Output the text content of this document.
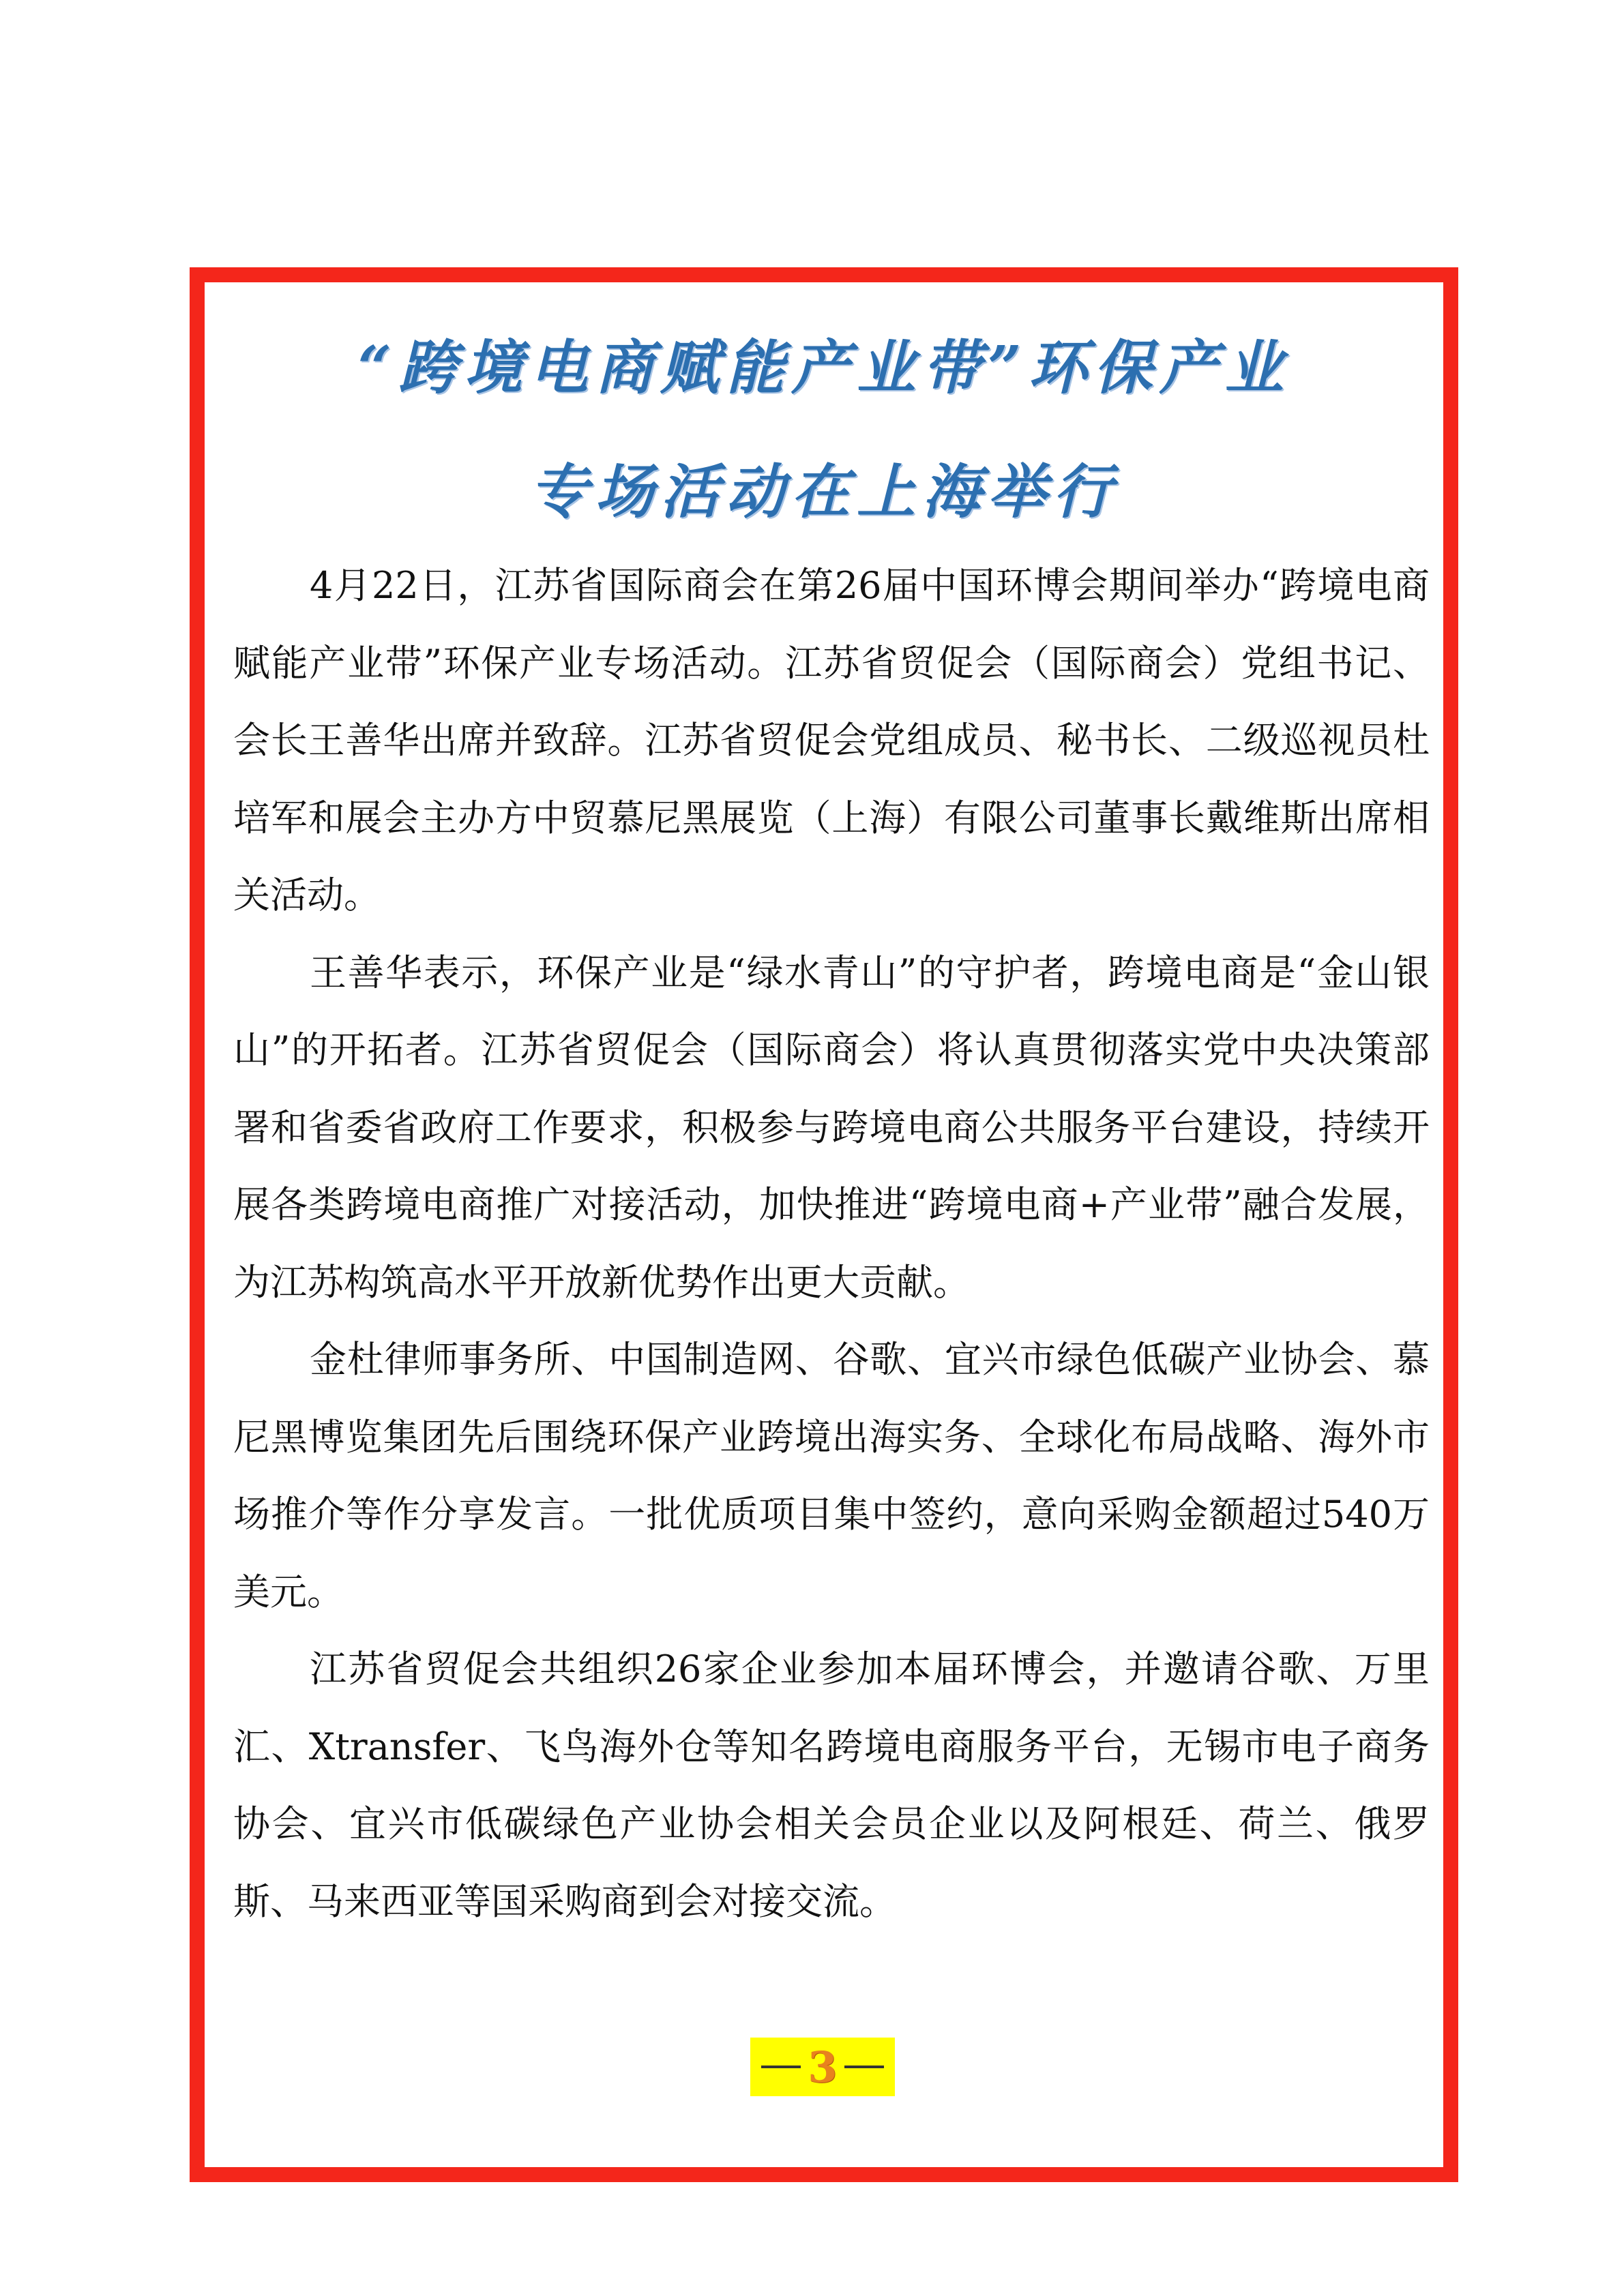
“跨境电商赋能产业带”环保产业
专场活动在上海举行

4月22日，江苏省国际商会在第26届中国环博会期间举办“跨境电商赋能产业带”环保产业专场活动。江苏省贸促会（国际商会）党组书记、会长王善华出席并致辞。江苏省贸促会党组成员、秘书长、二级巡视员杜培军和展会主办方中贸慕尼黑展览（上海）有限公司董事长戴维斯出席相关活动。

王善华表示，环保产业是“绿水青山”的守护者，跨境电商是“金山银山”的开拓者。江苏省贸促会（国际商会）将认真贯彻落实党中央决策部署和省委省政府工作要求，积极参与跨境电商公共服务平台建设，持续开展各类跨境电商推广对接活动，加快推进“跨境电商+产业带”融合发展，为江苏构筑高水平开放新优势作出更大贡献。

金杜律师事务所、中国制造网、谷歌、宜兴市绿色低碳产业协会、慕尼黑博览集团先后围绕环保产业跨境出海实务、全球化布局战略、海外市场推介等作分享发言。一批优质项目集中签约，意向采购金额超过540万美元。

江苏省贸促会共组织26家企业参加本届环博会，并邀请谷歌、万里汇、Xtransfer、飞鸟海外仓等知名跨境电商服务平台，无锡市电子商务协会、宜兴市低碳绿色产业协会相关会员企业以及阿根廷、荷兰、俄罗斯、马来西亚等国采购商到会对接交流。

3
